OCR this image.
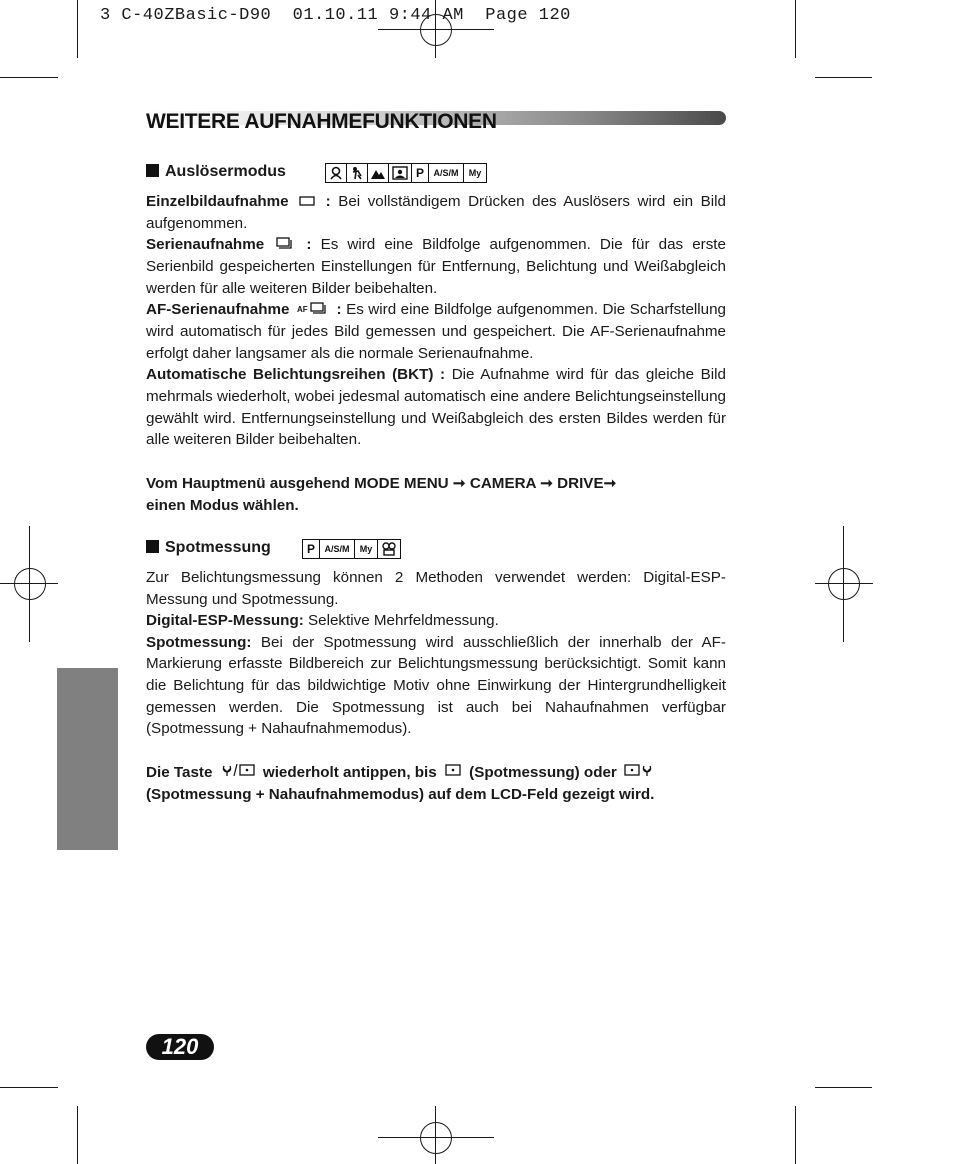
3 C-40ZBasic-D90  01.10.11 9:44 AM  Page 120
WEITERE AUFNAHMEFUNKTIONEN
Auslösermodus	P	A/S/M	My

Einzelbildaufnahme : Bei vollständigem Drücken des Auslösers wird ein Bild aufgenommen.

Serienaufnahme	: Es wird eine Bildfolge aufgenommen. Die für das erste Serienbild gespeicherten Einstellungen für Entfernung, Belichtung und Weißabgleich werden für alle weiteren Bilder beibehalten.

AF-Serienaufnahme AF : Es wird eine Bildfolge aufgenommen. Die Scharfstellung wird automatisch für jedes Bild gemessen und gespeichert. Die AF-Serienaufnahme erfolgt daher langsamer als die normale Serienaufnahme.

Automatische Belichtungsreihen (BKT) : Die Aufnahme wird für das gleiche Bild mehrmals wiederholt, wobei jedesmal automatisch eine andere Belichtungseinstellung gewählt wird. Entfernungseinstellung und Weißabgleich des ersten Bildes werden für alle weiteren Bilder beibehalten.

Vom Hauptmenü ausgehend MODE MENU ➞ CAMERA ➞ DRIVE➞
einen Modus wählen.
Spotmessung	P	A/S/M	My

Zur Belichtungsmessung können 2 Methoden verwendet werden: Digital-ESP-Messung und Spotmessung.

Digital-ESP-Messung: Selektive Mehrfeldmessung.

Spotmessung: Bei der Spotmessung wird ausschließlich der innerhalb der AF-Markierung erfasste Bildbereich zur Belichtungsmessung berücksichtigt. Somit kann die Belichtung für das bildwichtige Motiv ohne Einwirkung der Hintergrundhelligkeit gemessen werden. Die Spotmessung ist auch bei Nahaufnahmen verfügbar (Spotmessung + Nahaufnahmemodus).

Die Taste	wiederholt antippen, bis (Spotmessung) oder
(Spotmessung + Nahaufnahmemodus) auf dem LCD-Feld gezeigt wird.
120
